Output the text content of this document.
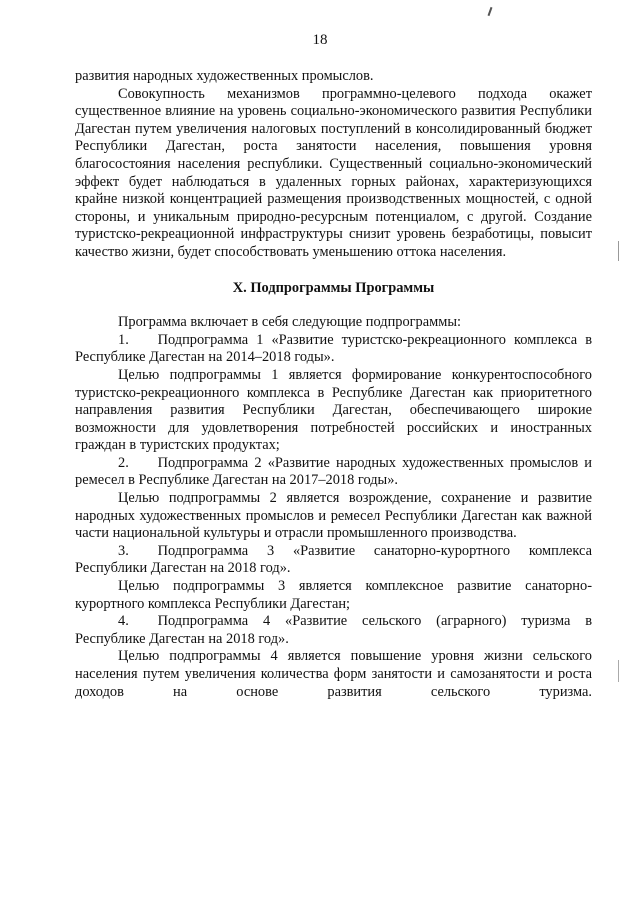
18

развития народных художественных промыслов.

Совокупность механизмов программно-целевого подхода окажет существенное влияние на уровень социально-экономического развития Республики Дагестан путем увеличения налоговых поступлений в консолидированный бюджет Республики Дагестан, роста занятости населения, повышения уровня благосостояния населения республики. Существенный социально-экономический эффект будет наблюдаться в удаленных горных районах, характеризующихся крайне низкой концентрацией размещения производственных мощностей, с одной стороны, и уникальным природно-ресурсным потенциалом, с другой. Создание туристско-рекреационной инфраструктуры снизит уровень безработицы, повысит качество жизни, будет способствовать уменьшению оттока населения.

X. Подпрограммы Программы

Программа включает в себя следующие подпрограммы:

1.  Подпрограмма 1 «Развитие туристско-рекреационного комплекса в Республике Дагестан на 2014–2018 годы».

Целью подпрограммы 1 является формирование конкурентоспособного туристско-рекреационного комплекса в Республике Дагестан как приоритетного направления развития Республики Дагестан, обеспечивающего широкие возможности для удовлетворения потребностей российских и иностранных граждан в туристских продуктах;

2.  Подпрограмма 2 «Развитие народных художественных промыслов и ремесел в Республике Дагестан на 2017–2018 годы».

Целью подпрограммы 2 является возрождение, сохранение и развитие народных художественных промыслов и ремесел Республики Дагестан как важной части национальной культуры и отрасли промышленного производства.

3.  Подпрограмма 3 «Развитие санаторно-курортного комплекса Республики Дагестан на 2018 год».

Целью подпрограммы 3 является комплексное развитие санаторно-курортного комплекса Республики Дагестан;

4.  Подпрограмма 4 «Развитие сельского (аграрного) туризма в Республике Дагестан на 2018 год».

Целью подпрограммы 4 является повышение уровня жизни сельского населения путем увеличения количества форм занятости и самозанятости и роста доходов на основе развития сельского туризма.
